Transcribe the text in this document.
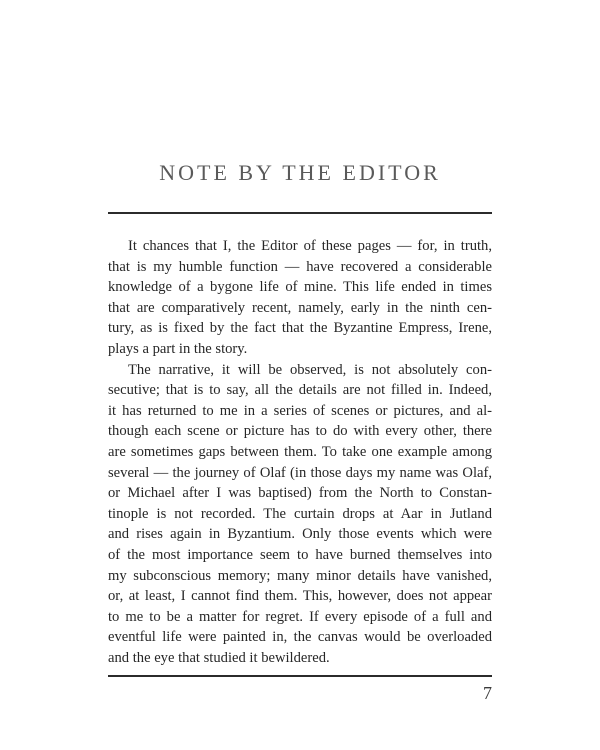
NOTE BY THE EDITOR
It chances that I, the Editor of these pages — for, in truth,
that is my humble function — have recovered a considerable
knowledge of a bygone life of mine. This life ended in times
that are comparatively recent, namely, early in the ninth cen-
tury, as is fixed by the fact that the Byzantine Empress, Irene,
plays a part in the story.
The narrative, it will be observed, is not absolutely con-
secutive; that is to say, all the details are not filled in. Indeed,
it has returned to me in a series of scenes or pictures, and al-
though each scene or picture has to do with every other, there
are sometimes gaps between them. To take one example among
several — the journey of Olaf (in those days my name was Olaf,
or Michael after I was baptised) from the North to Constan-
tinople is not recorded. The curtain drops at Aar in Jutland
and rises again in Byzantium. Only those events which were
of the most importance seem to have burned themselves into
my subconscious memory; many minor details have vanished,
or, at least, I cannot find them. This, however, does not appear
to me to be a matter for regret. If every episode of a full and
eventful life were painted in, the canvas would be overloaded
and the eye that studied it bewildered.
7
